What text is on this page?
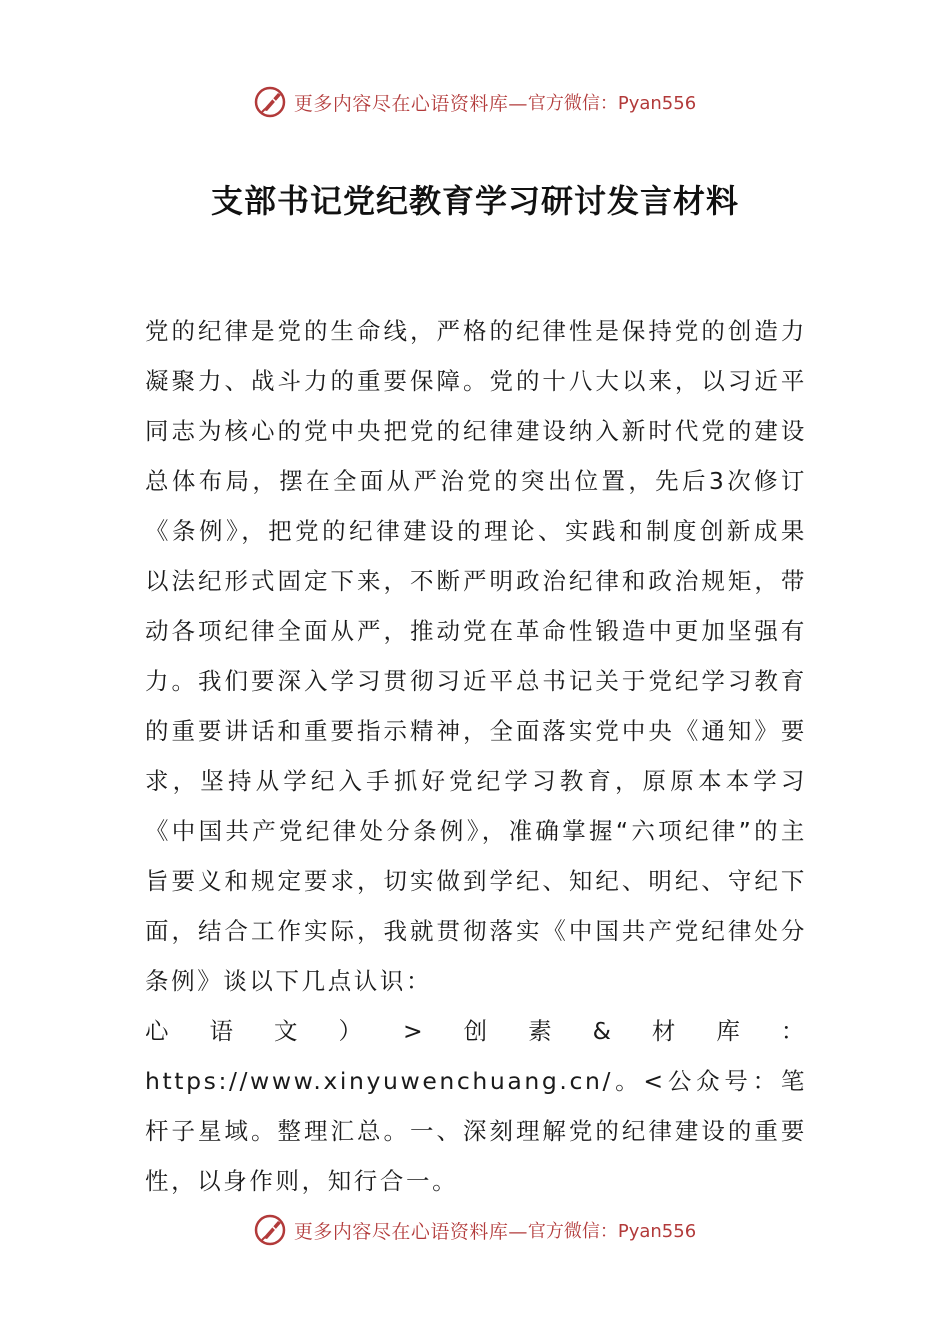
更多内容尽在心语资料库— 官方微信：Pyan556
支部书记党纪教育学习研讨发言材料

党的纪律是党的生命线，严格的纪律性是保持党的创造力凝聚力、战斗力的重要保障。党的十八大以来，以习近平同志为核心的党中央把党的纪律建设纳入新时代党的建设总体布局，摆在全面从严治党的突出位置，先后3次修订《条例》，把党的纪律建设的理论、实践和制度创新成果以法纪形式固定下来，不断严明政治纪律和政治规矩，带动各项纪律全面从严，推动党在革命性锻造中更加坚强有力。我们要深入学习贯彻习近平总书记关于党纪学习教育的重要讲话和重要指示精神，全面落实党中央《通知》要求，坚持从学纪入手抓好党纪学习教育，原原本本学习《中国共产党纪律处分条例》，准确掌握“六项纪律”的主旨要义和规定要求，切实做到学纪、知纪、明纪、守纪下面，结合工作实际，我就贯彻落实《中国共产党纪律处分条例》谈以下几点认识：

心语文）>创素&材库：https://www.xinyuwenchuang.cn/。<公众号：笔杆子星域。整理汇总。一、深刻理解党的纪律建设的重要性，以身作则，知行合一。

更多内容尽在心语资料库— 官方微信：Pyan556
